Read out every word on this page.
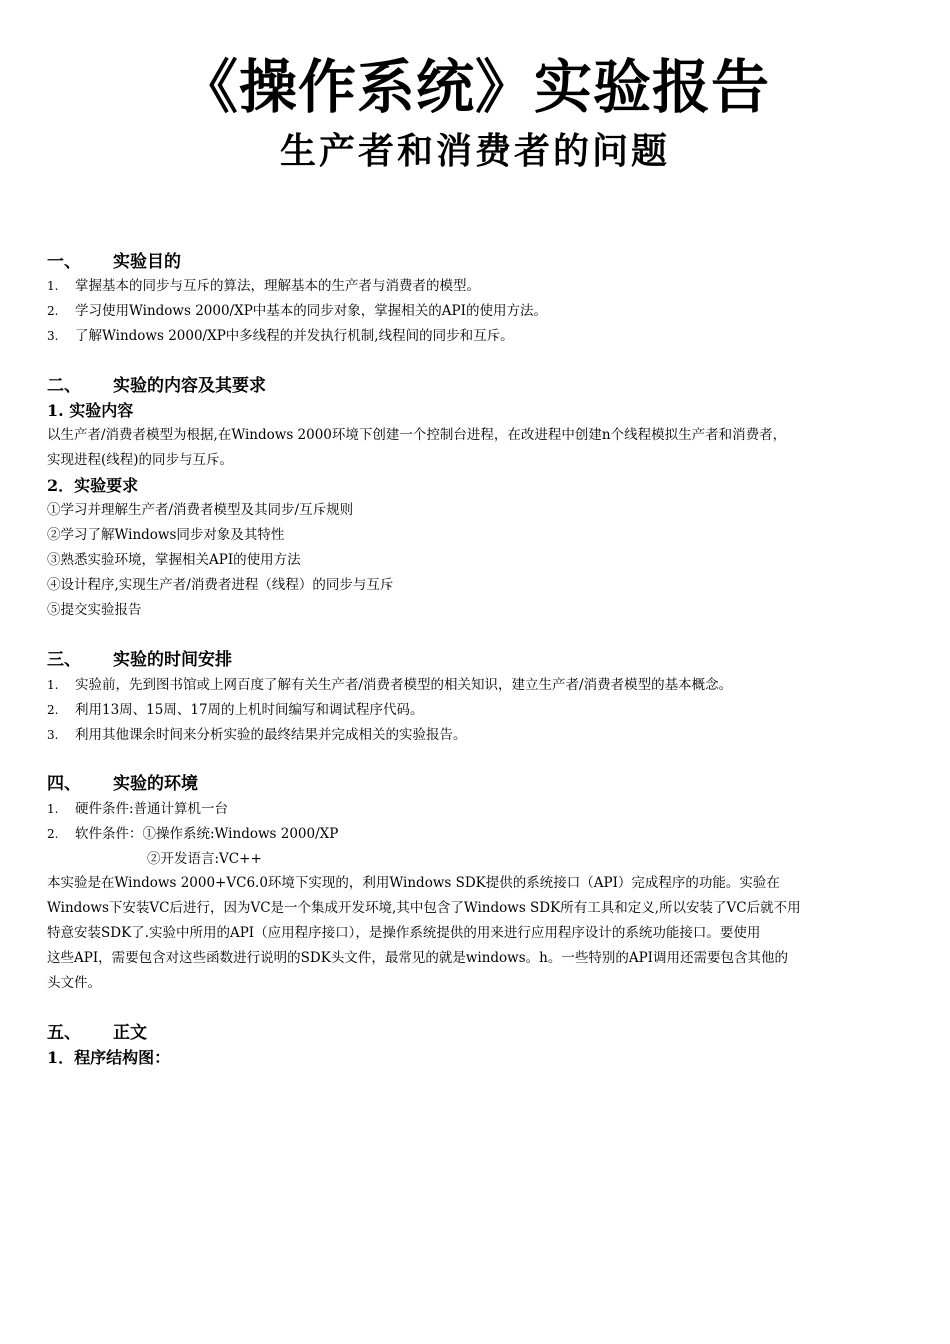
《操作系统》实验报告
生产者和消费者的问题
一、 实验目的
1. 掌握基本的同步与互斥的算法，理解基本的生产者与消费者的模型。
2. 学习使用Windows 2000/XP中基本的同步对象，掌握相关的API的使用方法。
3. 了解Windows 2000/XP中多线程的并发执行机制,线程间的同步和互斥。
二、 实验的内容及其要求
1. 实验内容
以生产者/消费者模型为根据,在Windows 2000环境下创建一个控制台进程，在改进程中创建n个线程模拟生产者和消费者，
实现进程(线程)的同步与互斥。
2．实验要求
①学习并理解生产者/消费者模型及其同步/互斥规则
②学习了解Windows同步对象及其特性
③熟悉实验环境，掌握相关API的使用方法
④设计程序,实现生产者/消费者进程（线程）的同步与互斥
⑤提交实验报告
三、 实验的时间安排
1. 实验前，先到图书馆或上网百度了解有关生产者/消费者模型的相关知识，建立生产者/消费者模型的基本概念。
2. 利用13周、15周、17周的上机时间编写和调试程序代码。
3. 利用其他课余时间来分析实验的最终结果并完成相关的实验报告。
四、 实验的环境
1. 硬件条件:普通计算机一台
2. 软件条件：①操作系统:Windows 2000/XP
②开发语言:VC++
本实验是在Windows 2000+VC6.0环境下实现的，利用Windows SDK提供的系统接口（API）完成程序的功能。实验在
Windows下安装VC后进行，因为VC是一个集成开发环境,其中包含了Windows SDK所有工具和定义,所以安装了VC后就不用
特意安装SDK了.实验中所用的API（应用程序接口），是操作系统提供的用来进行应用程序设计的系统功能接口。要使用
这些API，需要包含对这些函数进行说明的SDK头文件，最常见的就是windows。h。一些特别的API调用还需要包含其他的
头文件。
五、 正文
1．程序结构图：
